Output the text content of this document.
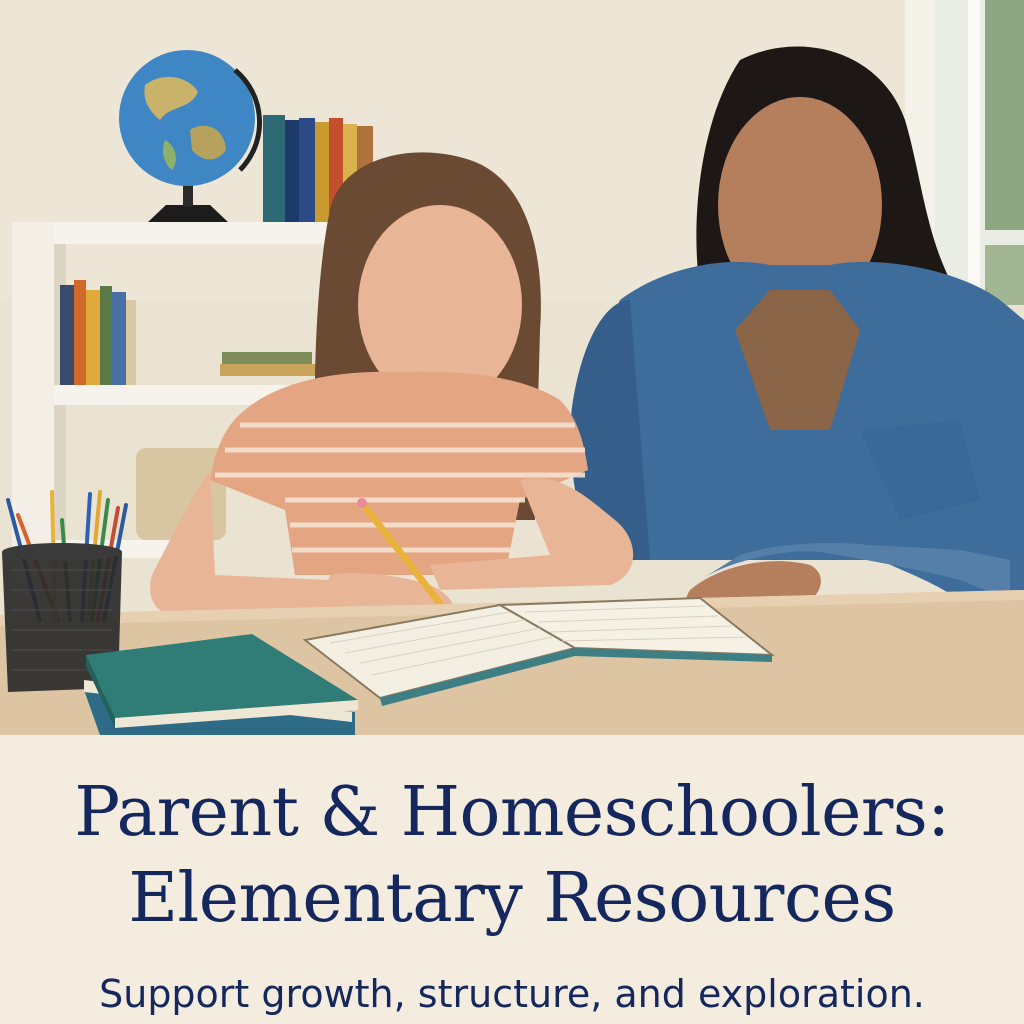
Parent & Homeschoolers:
Elementary Resources

Support growth, structure, and exploration.
